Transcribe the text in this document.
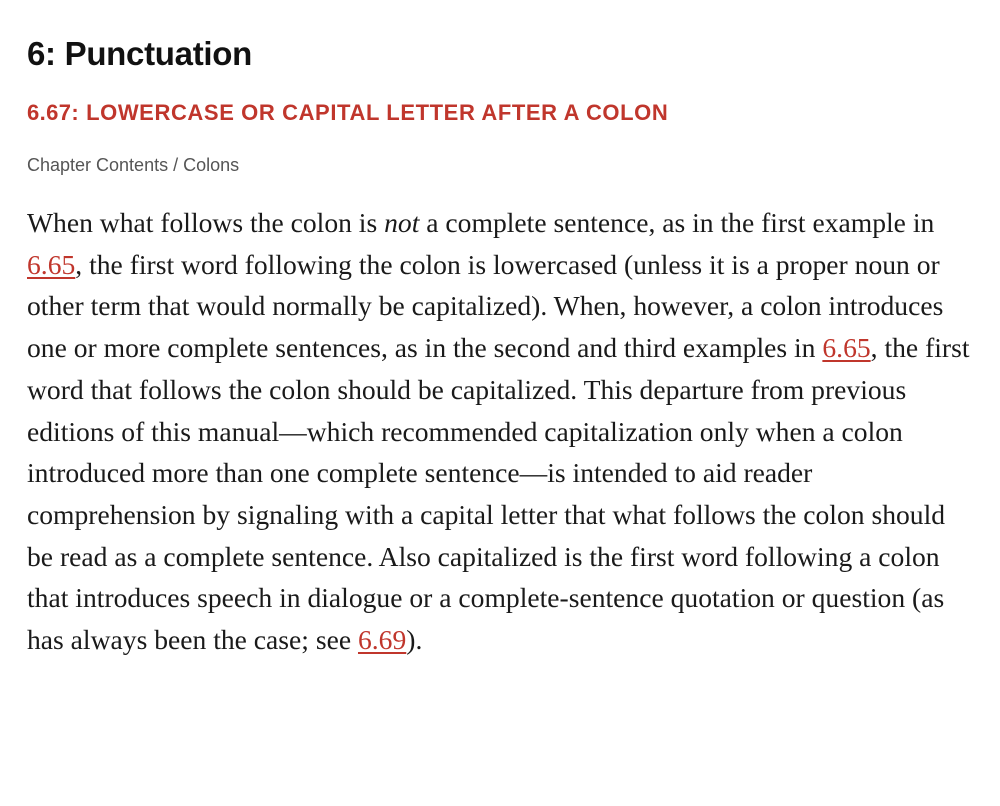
6: Punctuation
6.67: LOWERCASE OR CAPITAL LETTER AFTER A COLON
Chapter Contents / Colons

When what follows the colon is not a complete sentence, as in the first example in 6.65, the first word following the colon is lowercased (unless it is a proper noun or other term that would normally be capitalized). When, however, a colon introduces one or more complete sentences, as in the second and third examples in 6.65, the first word that follows the colon should be capitalized. This departure from previous editions of this manual—which recommended capitalization only when a colon introduced more than one complete sentence—is intended to aid reader comprehension by signaling with a capital letter that what follows the colon should be read as a complete sentence. Also capitalized is the first word following a colon that introduces speech in dialogue or a complete-sentence quotation or question (as has always been the case; see 6.69).
